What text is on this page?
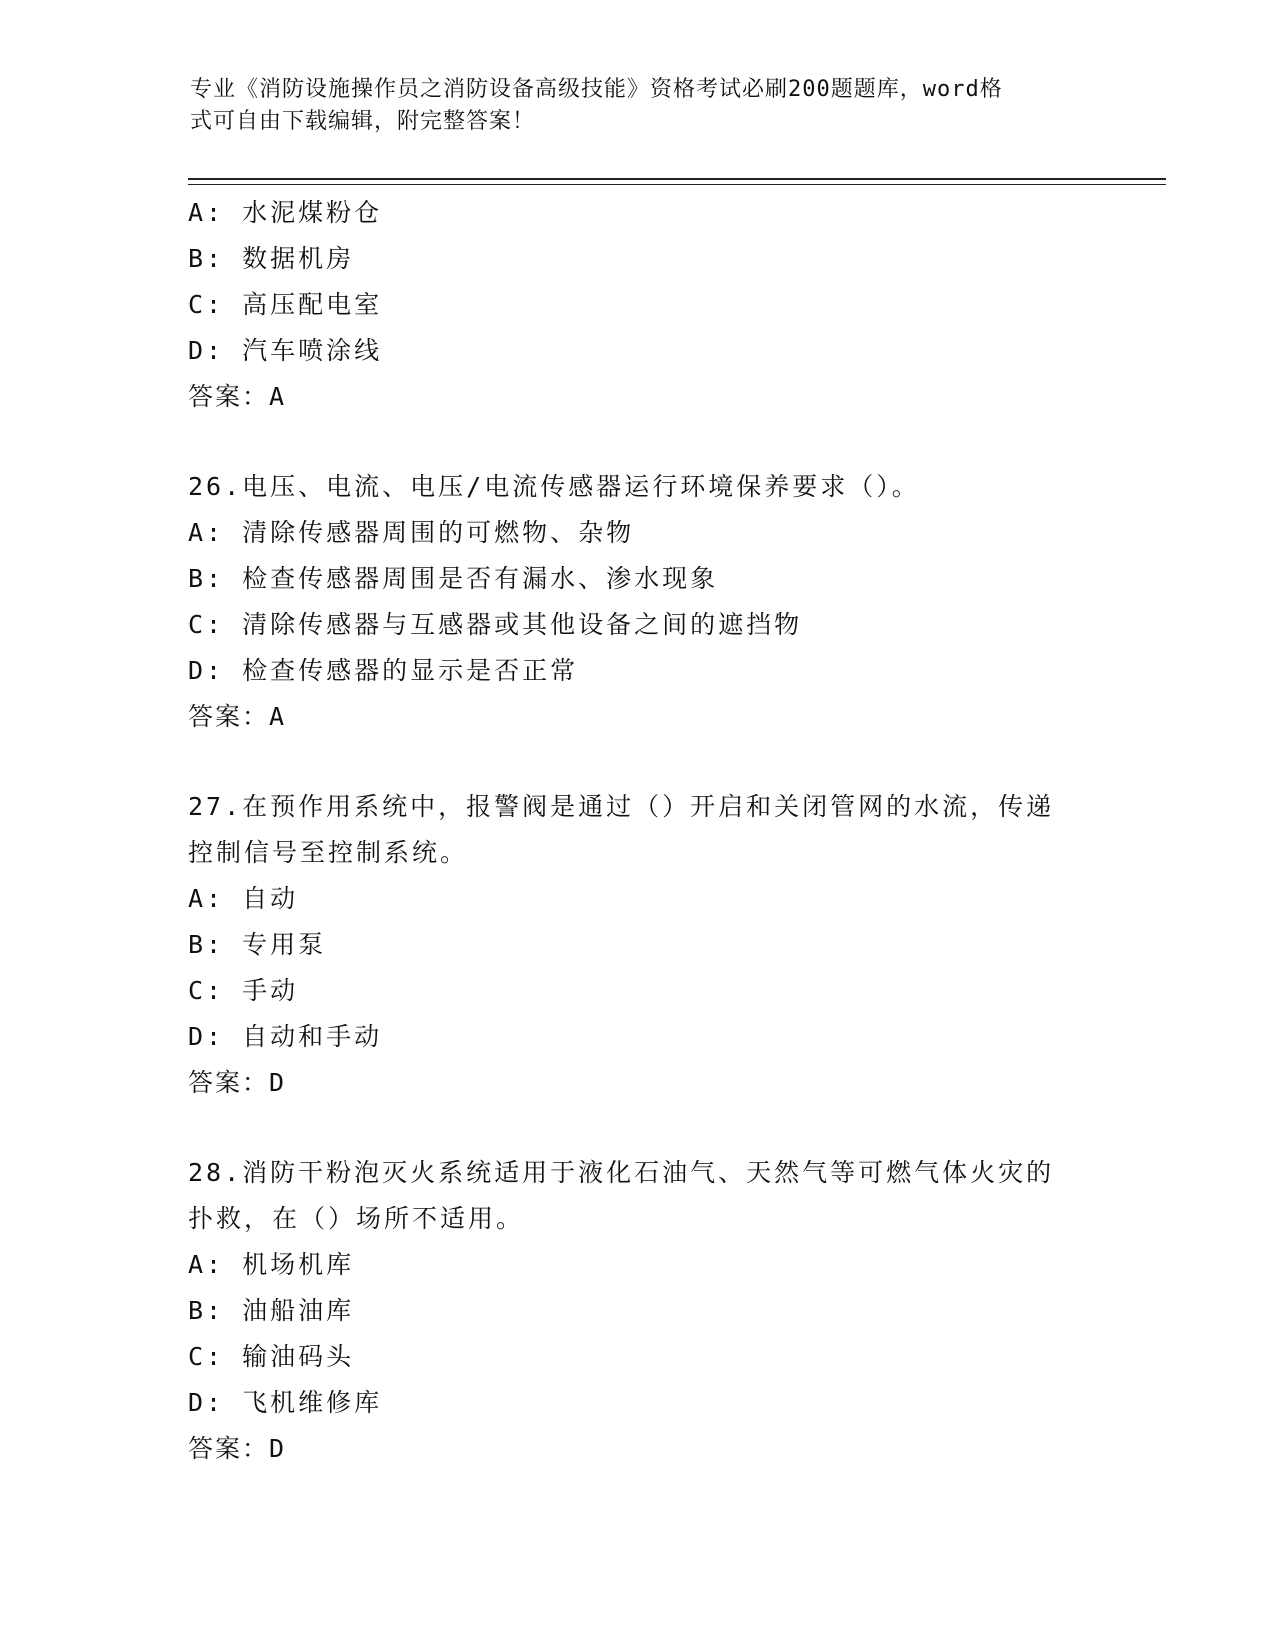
专业《消防设施操作员之消防设备高级技能》资格考试必刷200题题库，word格
式可自由下载编辑，附完整答案！
A: 水泥煤粉仓
B: 数据机房
C: 高压配电室
D: 汽车喷涂线
答案：A
26.电压、电流、电压/电流传感器运行环境保养要求（）。
A: 清除传感器周围的可燃物、杂物
B: 检查传感器周围是否有漏水、渗水现象
C: 清除传感器与互感器或其他设备之间的遮挡物
D: 检查传感器的显示是否正常
答案：A
27.在预作用系统中，报警阀是通过（）开启和关闭管网的水流，传递
控制信号至控制系统。
A: 自动
B: 专用泵
C: 手动
D: 自动和手动
答案：D
28.消防干粉泡灭火系统适用于液化石油气、天然气等可燃气体火灾的
扑救，在（）场所不适用。
A: 机场机库
B: 油船油库
C: 输油码头
D: 飞机维修库
答案：D
